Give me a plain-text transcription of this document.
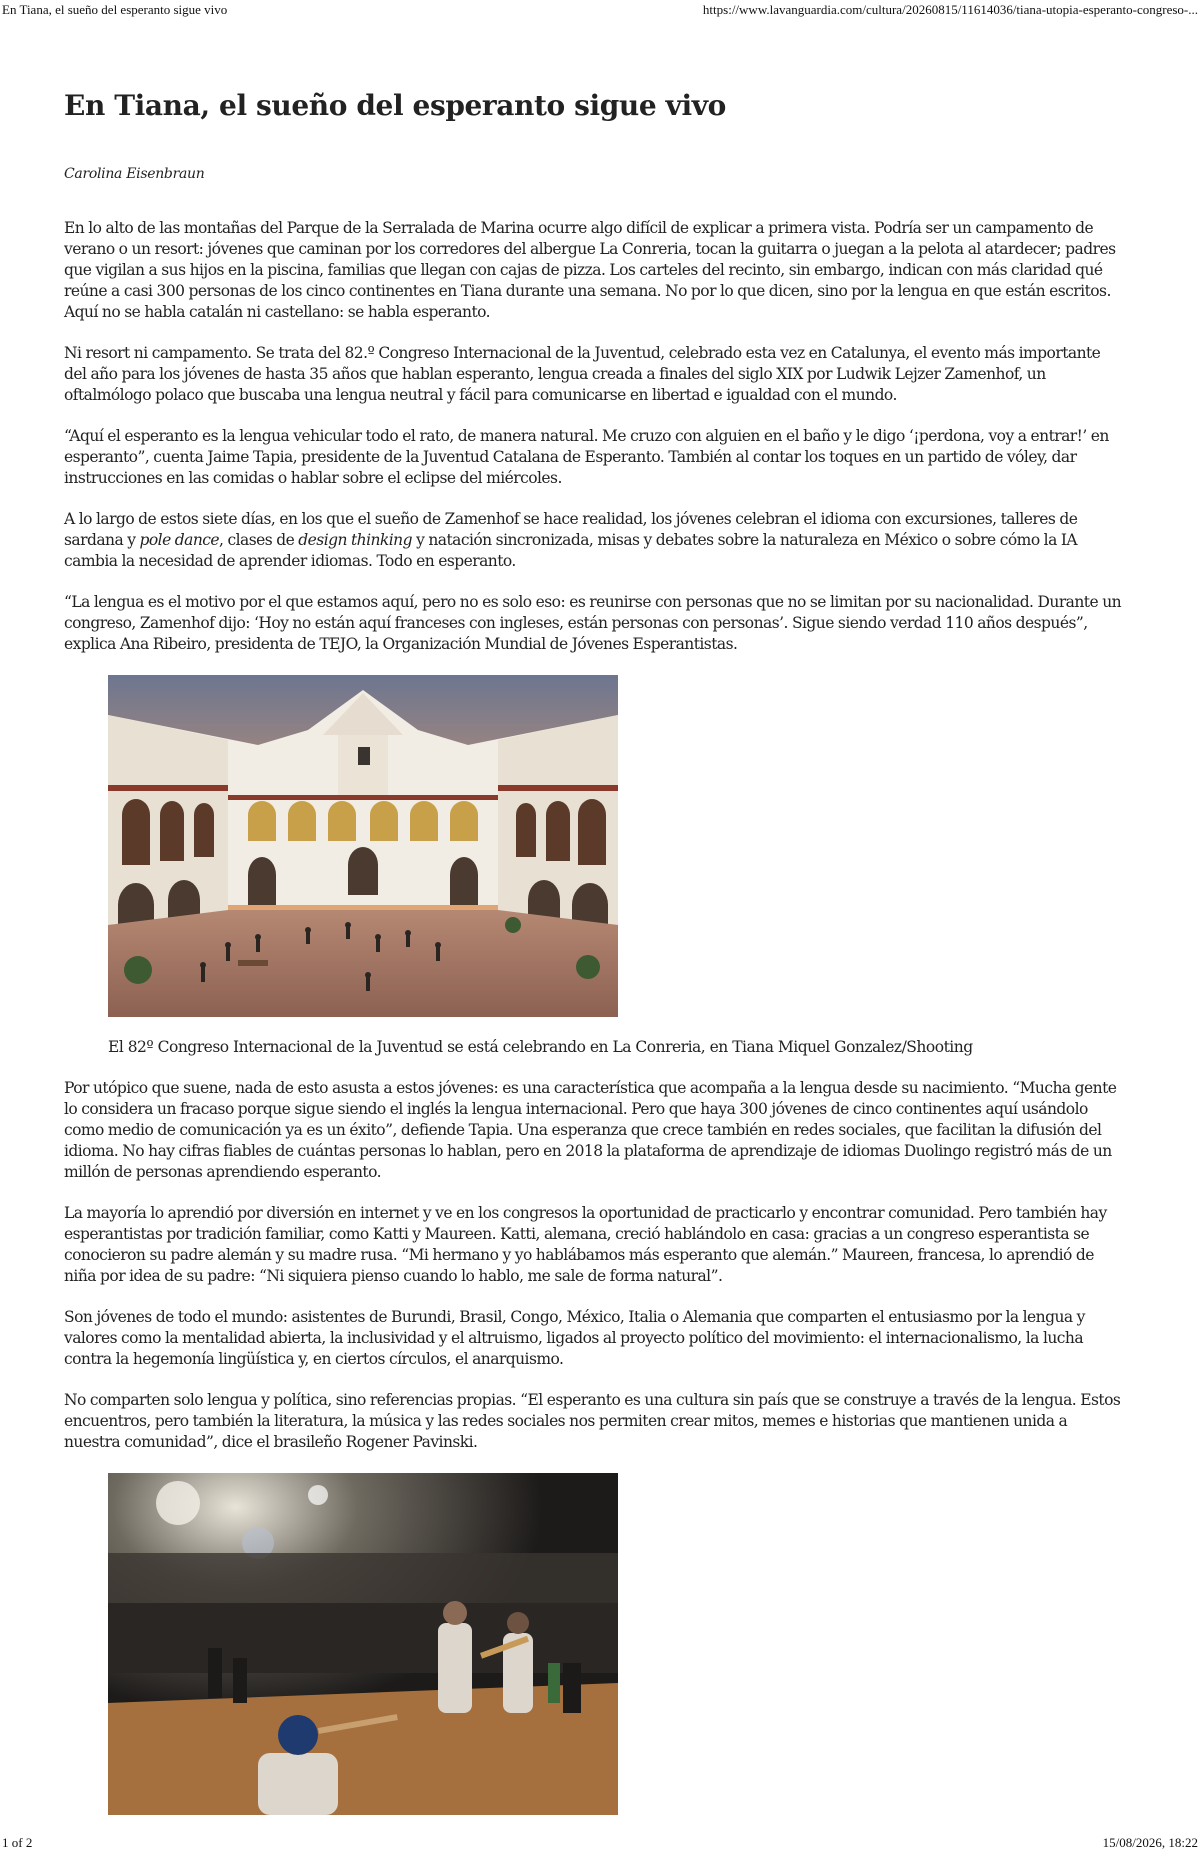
En Tiana, el sueño del esperanto sigue vivo	https://www.lavanguardia.com/cultura/20260815/11614036/tiana-utopia-esperanto-congreso-...
En Tiana, el sueño del esperanto sigue vivo
Carolina Eisenbraun

En lo alto de las montañas del Parque de la Serralada de Marina ocurre algo difícil de explicar a primera vista. Podría ser un campamento de verano o un resort: jóvenes que caminan por los corredores del albergue La Conreria, tocan la guitarra o juegan a la pelota al atardecer; padres que vigilan a sus hijos en la piscina, familias que llegan con cajas de pizza. Los carteles del recinto, sin embargo, indican con más claridad qué reúne a casi 300 personas de los cinco continentes en Tiana durante una semana. No por lo que dicen, sino por la lengua en que están escritos. Aquí no se habla catalán ni castellano: se habla esperanto.

Ni resort ni campamento. Se trata del 82.º Congreso Internacional de la Juventud, celebrado esta vez en Catalunya, el evento más importante del año para los jóvenes de hasta 35 años que hablan esperanto, lengua creada a finales del siglo XIX por Ludwik Lejzer Zamenhof, un oftalmólogo polaco que buscaba una lengua neutral y fácil para comunicarse en libertad e igualdad con el mundo.

“Aquí el esperanto es la lengua vehicular todo el rato, de manera natural. Me cruzo con alguien en el baño y le digo ‘¡perdona, voy a entrar!’ en esperanto”, cuenta Jaime Tapia, presidente de la Juventud Catalana de Esperanto. También al contar los toques en un partido de vóley, dar instrucciones en las comidas o hablar sobre el eclipse del miércoles.

A lo largo de estos siete días, en los que el sueño de Zamenhof se hace realidad, los jóvenes celebran el idioma con excursiones, talleres de sardana y pole dance, clases de design thinking y natación sincronizada, misas y debates sobre la naturaleza en México o sobre cómo la IA cambia la necesidad de aprender idiomas. Todo en esperanto.

“La lengua es el motivo por el que estamos aquí, pero no es solo eso: es reunirse con personas que no se limitan por su nacionalidad. Durante un congreso, Zamenhof dijo: ‘Hoy no están aquí franceses con ingleses, están personas con personas’. Sigue siendo verdad 110 años después”, explica Ana Ribeiro, presidenta de TEJO, la Organización Mundial de Jóvenes Esperantistas.

El 82º Congreso Internacional de la Juventud se está celebrando en La Conreria, en Tiana Miquel Gonzalez/Shooting

Por utópico que suene, nada de esto asusta a estos jóvenes: es una característica que acompaña a la lengua desde su nacimiento. “Mucha gente lo considera un fracaso porque sigue siendo el inglés la lengua internacional. Pero que haya 300 jóvenes de cinco continentes aquí usándolo como medio de comunicación ya es un éxito”, defiende Tapia. Una esperanza que crece también en redes sociales, que facilitan la difusión del idioma. No hay cifras fiables de cuántas personas lo hablan, pero en 2018 la plataforma de aprendizaje de idiomas Duolingo registró más de un millón de personas aprendiendo esperanto.

La mayoría lo aprendió por diversión en internet y ve en los congresos la oportunidad de practicarlo y encontrar comunidad. Pero también hay esperantistas por tradición familiar, como Katti y Maureen. Katti, alemana, creció hablándolo en casa: gracias a un congreso esperantista se conocieron su padre alemán y su madre rusa. “Mi hermano y yo hablábamos más esperanto que alemán.” Maureen, francesa, lo aprendió de niña por idea de su padre: “Ni siquiera pienso cuando lo hablo, me sale de forma natural”.

Son jóvenes de todo el mundo: asistentes de Burundi, Brasil, Congo, México, Italia o Alemania que comparten el entusiasmo por la lengua y valores como la mentalidad abierta, la inclusividad y el altruismo, ligados al proyecto político del movimiento: el internacionalismo, la lucha contra la hegemonía lingüística y, en ciertos círculos, el anarquismo.

No comparten solo lengua y política, sino referencias propias. “El esperanto es una cultura sin país que se construye a través de la lengua. Estos encuentros, pero también la literatura, la música y las redes sociales nos permiten crear mitos, memes e historias que mantienen unida a nuestra comunidad”, dice el brasileño Rogener Pavinski.

1 of 2	15/08/2026, 18:22
